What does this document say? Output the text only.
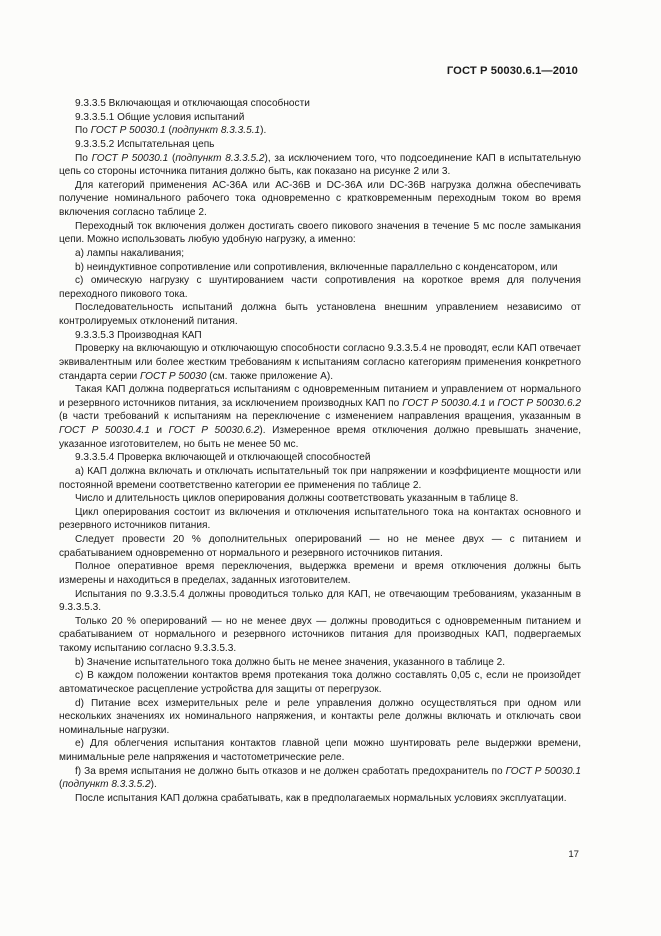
ГОСТ Р 50030.6.1—2010

9.3.3.5 Включающая и отключающая способности

9.3.3.5.1 Общие условия испытаний

По ГОСТ Р 50030.1 (подпункт 8.3.3.5.1).

9.3.3.5.2 Испытательная цепь

По ГОСТ Р 50030.1 (подпункт 8.3.3.5.2), за исключением того, что подсоединение КАП в испытательную цепь со стороны источника питания должно быть, как показано на рисунке 2 или 3.

Для категорий применения АС-36А или АС-36В и DC-36A или DC-36B нагрузка должна обеспечивать получение номинального рабочего тока одновременно с кратковременным переходным током во время включения согласно таблице 2.

Переходный ток включения должен достигать своего пикового значения в течение 5 мс после замыкания цепи. Можно использовать любую удобную нагрузку, а именно:

a) лампы накаливания;

b) неиндуктивное сопротивление или сопротивления, включенные параллельно с конденсатором, или

c) омическую нагрузку с шунтированием части сопротивления на короткое время для получения переходного пикового тока.

Последовательность испытаний должна быть установлена внешним управлением независимо от контролируемых отклонений питания.

9.3.3.5.3 Производная КАП

Проверку на включающую и отключающую способности согласно 9.3.3.5.4 не проводят, если КАП отвечает эквивалентным или более жестким требованиям к испытаниям согласно категориям применения конкретного стандарта серии ГОСТ Р 50030 (см. также приложение А).

Такая КАП должна подвергаться испытаниям с одновременным питанием и управлением от нормального и резервного источников питания, за исключением производных КАП по ГОСТ Р 50030.4.1 и ГОСТ Р 50030.6.2 (в части требований к испытаниям на переключение с изменением направления вращения, указанным в ГОСТ Р 50030.4.1 и ГОСТ Р 50030.6.2). Измеренное время отключения должно превышать значение, указанное изготовителем, но быть не менее 50 мс.

9.3.3.5.4 Проверка включающей и отключающей способностей

a) КАП должна включать и отключать испытательный ток при напряжении и коэффициенте мощности или постоянной времени соответственно категории ее применения по таблице 2.

Число и длительность циклов оперирования должны соответствовать указанным в таблице 8.

Цикл оперирования состоит из включения и отключения испытательного тока на контактах основного и резервного источников питания.

Следует провести 20 % дополнительных оперирований — но не менее двух — с питанием и срабатыванием одновременно от нормального и резервного источников питания.

Полное оперативное время переключения, выдержка времени и время отключения должны быть измерены и находиться в пределах, заданных изготовителем.

Испытания по 9.3.3.5.4 должны проводиться только для КАП, не отвечающим требованиям, указанным в 9.3.3.5.3.

Только 20 % оперирований — но не менее двух — должны проводиться с одновременным питанием и срабатыванием от нормального и резервного источников питания для производных КАП, подвергаемых такому испытанию согласно 9.3.3.5.3.

b) Значение испытательного тока должно быть не менее значения, указанного в таблице 2.

c) В каждом положении контактов время протекания тока должно составлять 0,05 с, если не произойдет автоматическое расцепление устройства для защиты от перегрузок.

d) Питание всех измерительных реле и реле управления должно осуществляться при одном или нескольких значениях их номинального напряжения, и контакты реле должны включать и отключать свои номинальные нагрузки.

e) Для облегчения испытания контактов главной цепи можно шунтировать реле выдержки времени, минимальные реле напряжения и частотометрические реле.

f) За время испытания не должно быть отказов и не должен сработать предохранитель по ГОСТ Р 50030.1 (подпункт 8.3.3.5.2).

После испытания КАП должна срабатывать, как в предполагаемых нормальных условиях эксплуатации.

17
